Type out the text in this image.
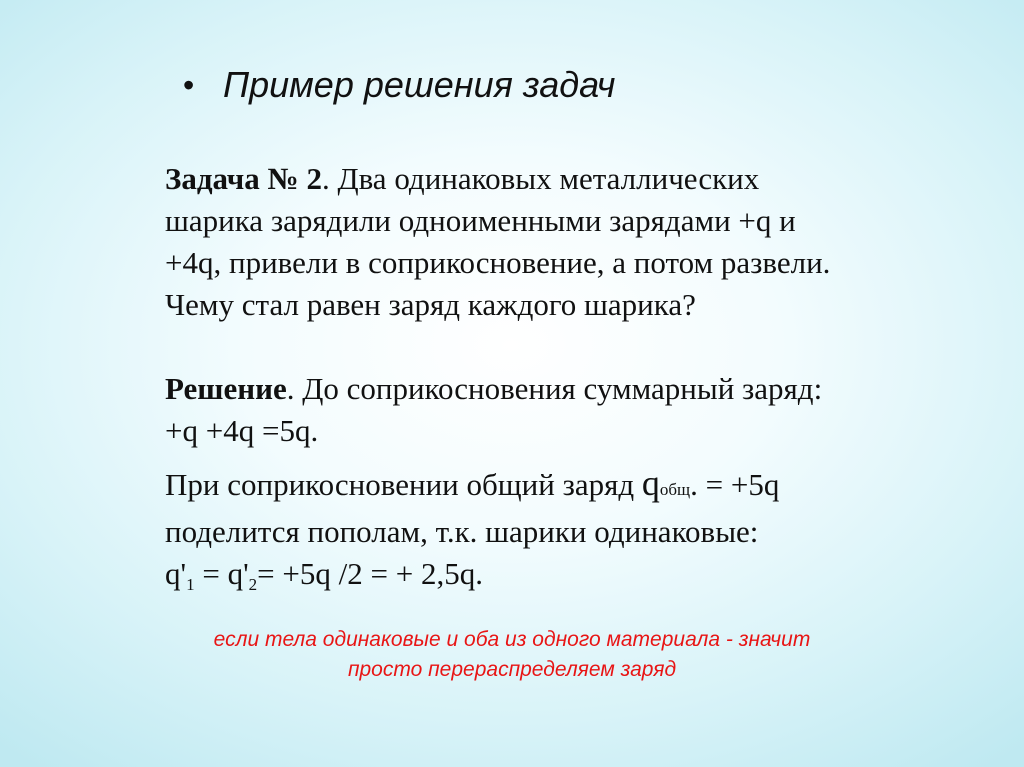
• Пример решения задач

Задача № 2. Два одинаковых металлических
шарика зарядили одноименными зарядами +q и
+4q, привели в соприкосновение, а потом развели.
Чему стал равен заряд каждого шарика?

Решение. До соприкосновения суммарный заряд:
+q +4q =5q.

При соприкосновении общий заряд qобщ. = +5q
поделится пополам, т.к. шарики одинаковые:
$q'_1 = q'_2= +5q$ /2 = + 2,5q.

если тела одинаковые и оба из одного материала - значит
просто перераспределяем заряд
